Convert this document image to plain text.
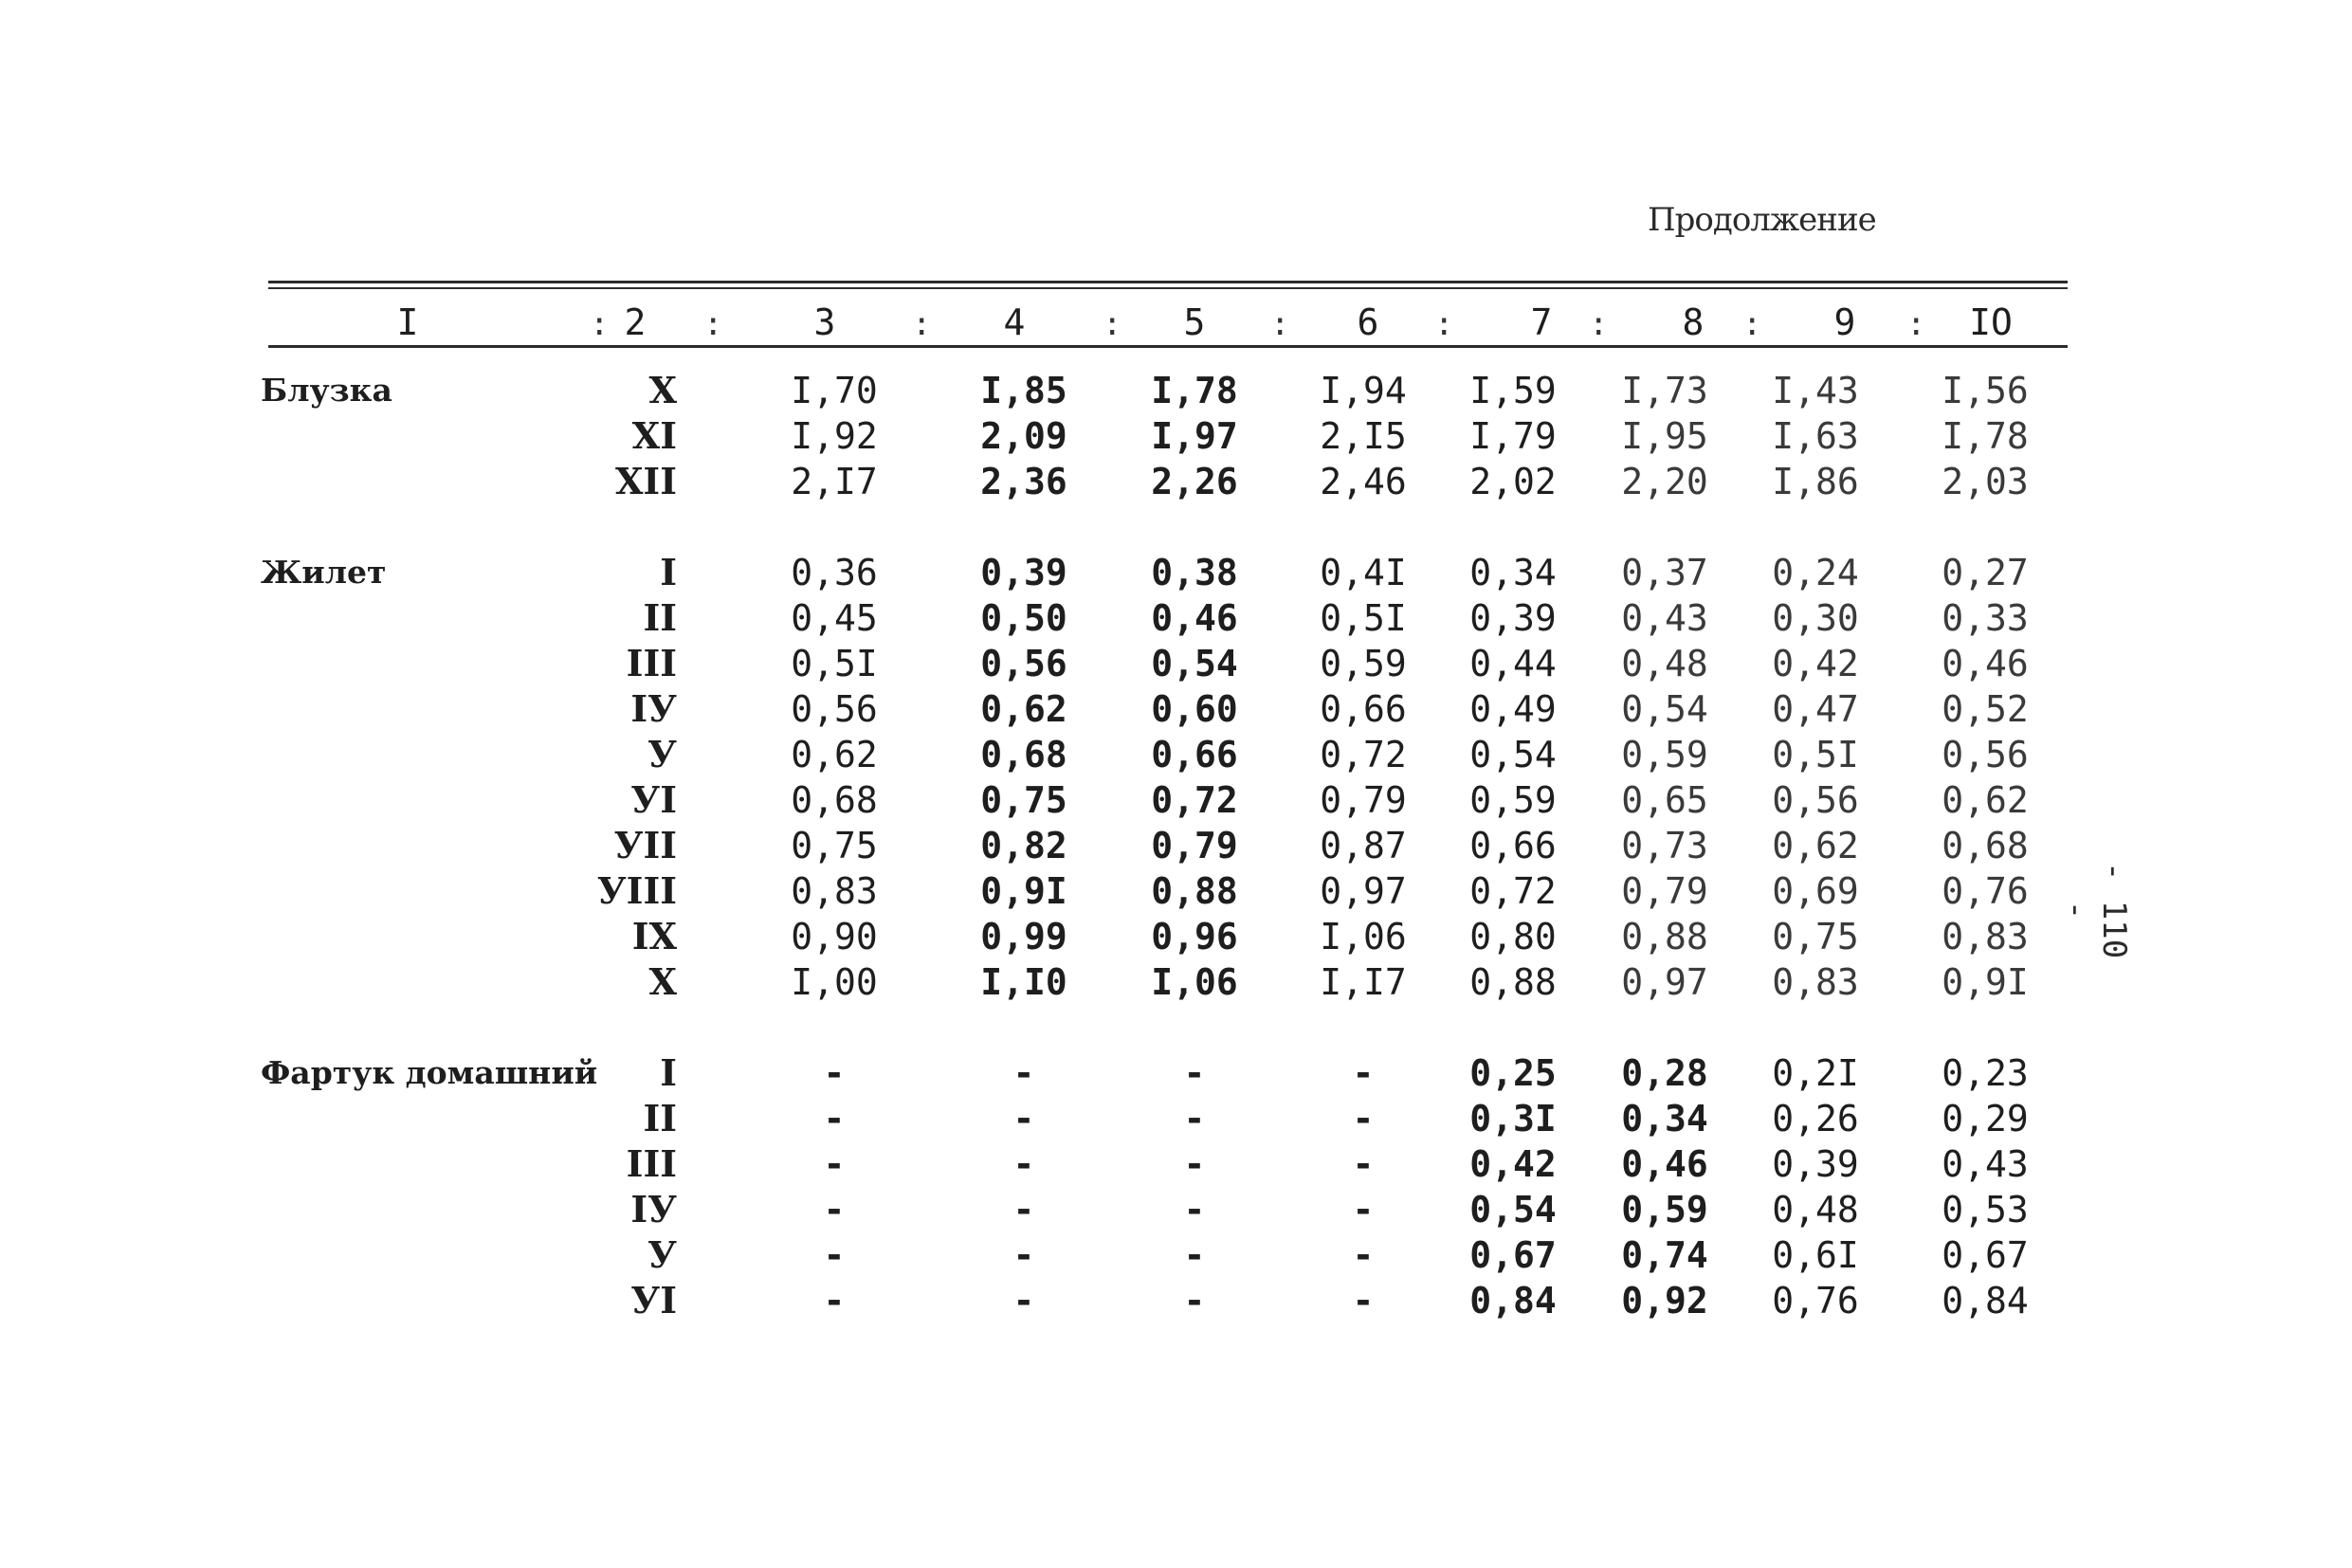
Продолжение
I	: 2	:	3	:	4	:	5	:	6	:	7	:	8	:	9	:	IO
Блузка	X	I,70	I,85	I,78	I,94	I,59	I,73	I,43	I,56
XI	I,92	2,09	I,97	2,I5	I,79	I,95	I,63	I,78
XII	2,I7	2,36	2,26	2,46	2,02	2,20	I,86	2,03
Жилет	I	0,36	0,39	0,38	0,4I	0,34	0,37	0,24	0,27
II	0,45	0,50	0,46	0,5I	0,39	0,43	0,30	0,33
III	0,5I	0,56	0,54	0,59	0,44	0,48	0,42	0,46
IУ	0,56	0,62	0,60	0,66	0,49	0,54	0,47	0,52
У	0,62	0,68	0,66	0,72	0,54	0,59	0,5I	0,56
УI	0,68	0,75	0,72	0,79	0,59	0,65	0,56	0,62
УII	0,75	0,82	0,79	0,87	0,66	0,73	0,62	0,68
УIII	0,83	0,9I	0,88	0,97	0,72	0,79	0,69	0,76
IX	0,90	0,99	0,96	I,06	0,80	0,88	0,75	0,83
X	I,00	I,I0	I,06	I,I7	0,88	0,97	0,83	0,9I
Фартук домашний	I	-	-	-	-	0,25	0,28	0,2I	0,23
II	-	-	-	-	0,3I	0,34	0,26	0,29
III	-	-	-	-	0,42	0,46	0,39	0,43
IУ	-	-	-	-	0,54	0,59	0,48	0,53
У	-	-	-	-	0,67	0,74	0,6I	0,67
УI	-	-	-	-	0,84	0,92	0,76	0,84
- 110 -
